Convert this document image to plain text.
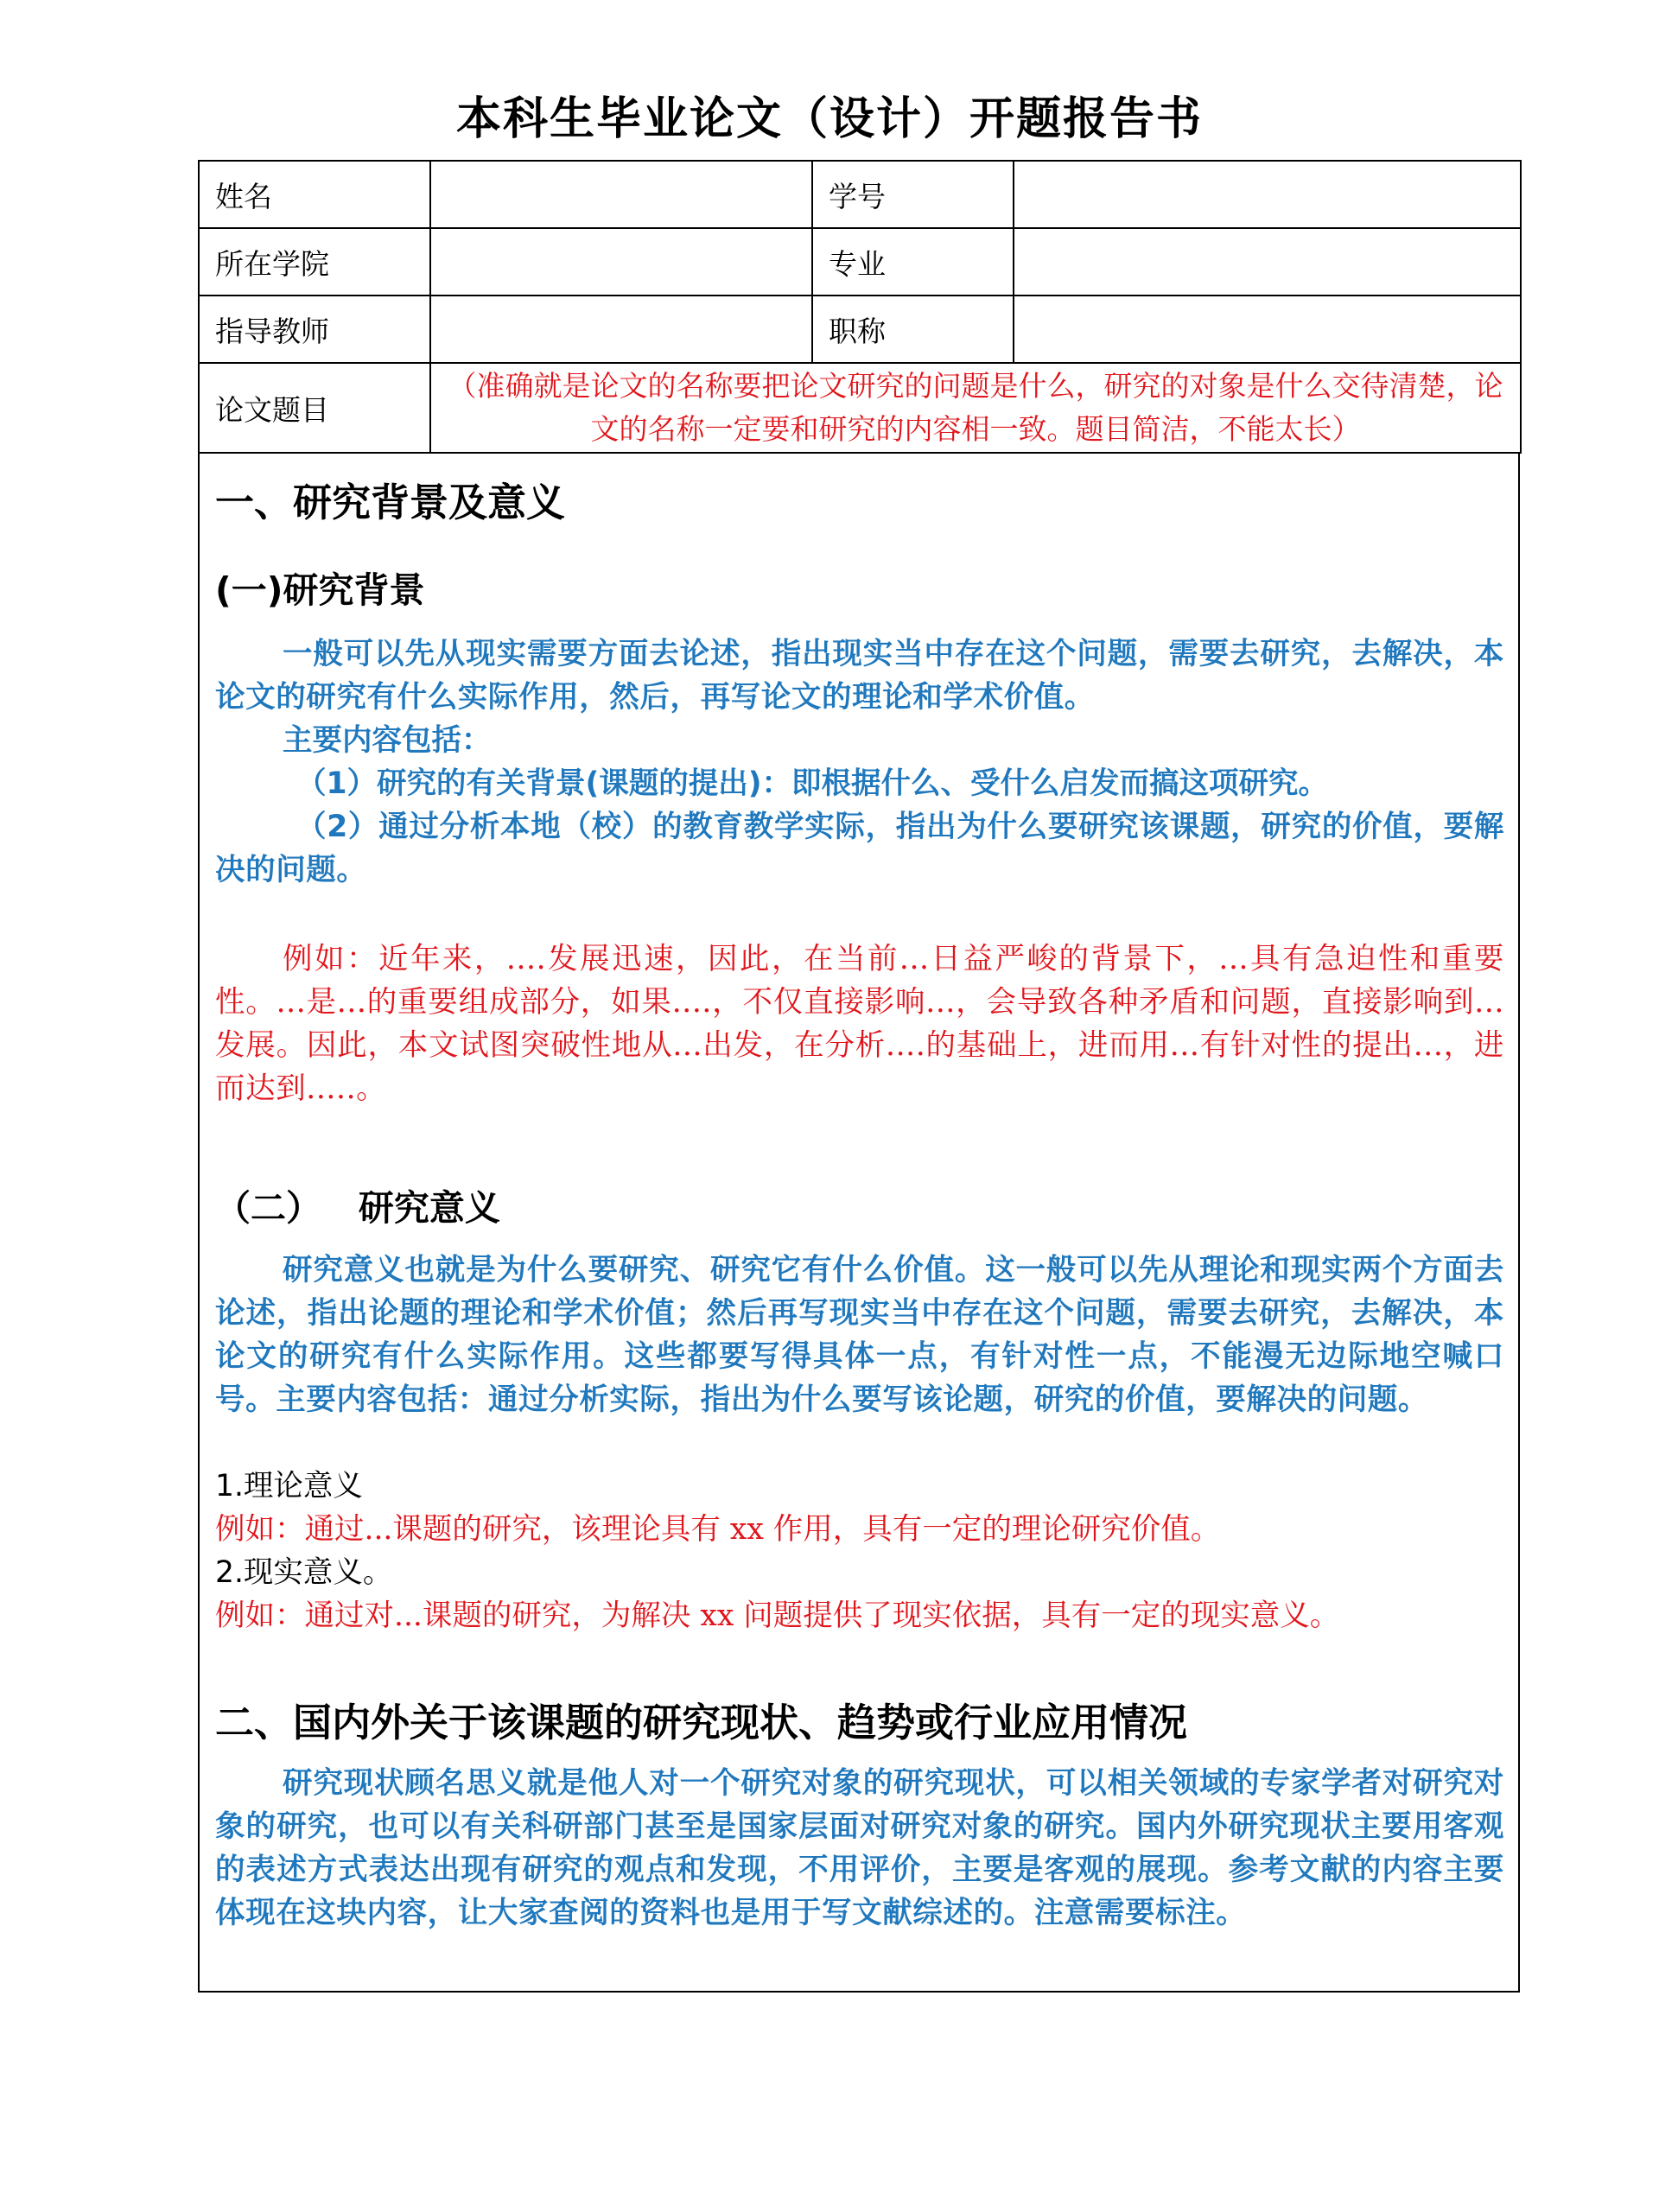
本科生毕业论文（设计）开题报告书
姓名		学号	
所在学院		专业	
指导教师		职称	
论文题目	（准确就是论文的名称要把论文研究的问题是什么，研究的对象是什么交待清楚，论文的名称一定要和研究的内容相一致。题目简洁，不能太长）		
一、研究背景及意义
(一)研究背景

一般可以先从现实需要方面去论述，指出现实当中存在这个问题，需要去研究，去解决，本论文的研究有什么实际作用，然后，再写论文的理论和学术价值。

主要内容包括：

（1）研究的有关背景(课题的提出)：即根据什么、受什么启发而搞这项研究。

（2）通过分析本地（校）的教育教学实际，指出为什么要研究该课题，研究的价值，要解决的问题。

例如：近年来，....发展迅速，因此，在当前...日益严峻的背景下，...具有急迫性和重要性。...是...的重要组成部分，如果....，不仅直接影响...，会导致各种矛盾和问题，直接影响到...发展。因此，本文试图突破性地从...出发，在分析....的基础上，进而用...有针对性的提出...，进而达到.....。

（二）   研究意义

研究意义也就是为什么要研究、研究它有什么价值。这一般可以先从理论和现实两个方面去论述，指出论题的理论和学术价值；然后再写现实当中存在这个问题，需要去研究，去解决，本论文的研究有什么实际作用。这些都要写得具体一点，有针对性一点，不能漫无边际地空喊口号。主要内容包括：通过分析实际，指出为什么要写该论题，研究的价值，要解决的问题。

1.理论意义

例如：通过...课题的研究，该理论具有 xx 作用，具有一定的理论研究价值。

2.现实意义。

例如：通过对...课题的研究，为解决 xx 问题提供了现实依据，具有一定的现实意义。

二、国内外关于该课题的研究现状、趋势或行业应用情况

研究现状顾名思义就是他人对一个研究对象的研究现状，可以相关领域的专家学者对研究对象的研究，也可以有关科研部门甚至是国家层面对研究对象的研究。国内外研究现状主要用客观的表述方式表达出现有研究的观点和发现，不用评价，主要是客观的展现。参考文献的内容主要体现在这块内容，让大家查阅的资料也是用于写文献综述的。注意需要标注。
